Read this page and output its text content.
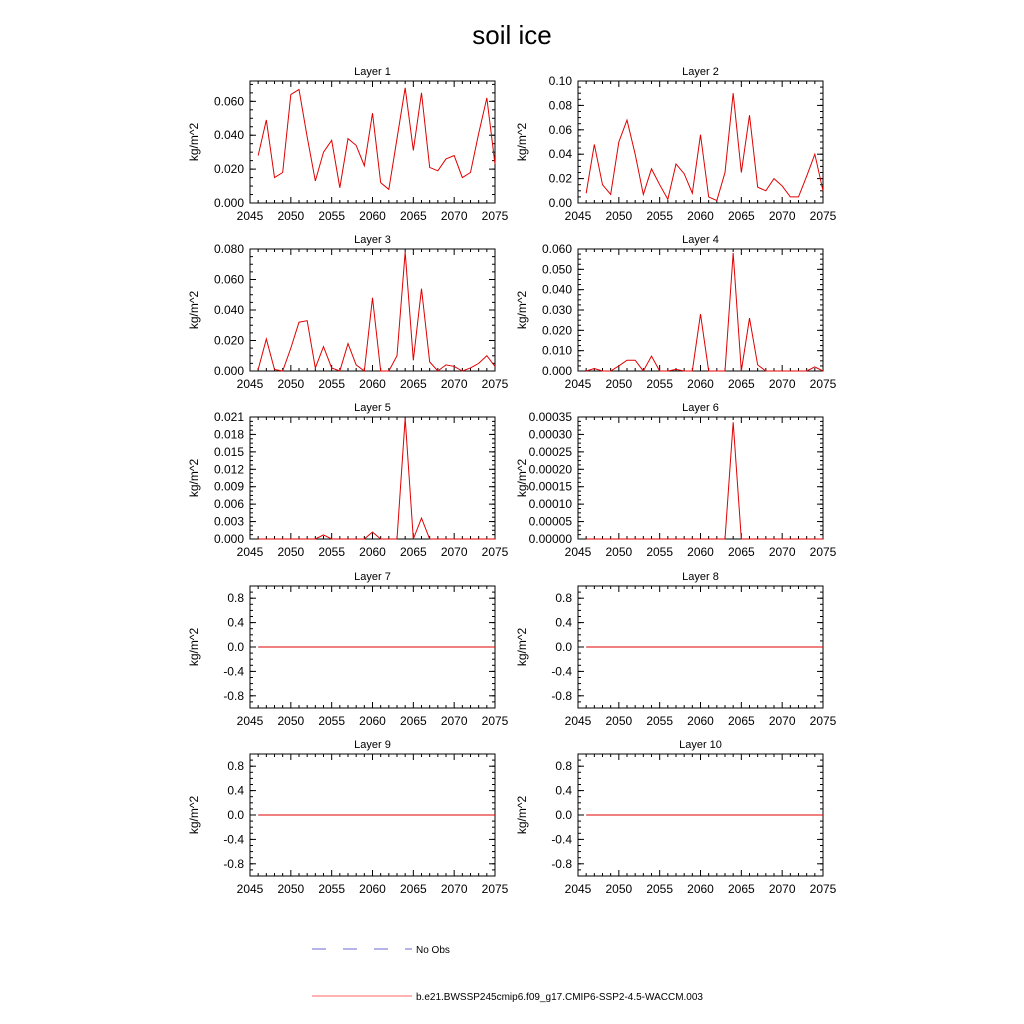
soil ice
Layer 1
2045 2050 2055 2060 2065 2070 2075
0.000
0.020
0.040
0.060
kg/m^2
Layer 2
2045 2050 2055 2060 2065 2070 2075
0.00
0.02
0.04
0.06
0.08
0.10
kg/m^2
Layer 3
2045 2050 2055 2060 2065 2070 2075
0.000
0.020
0.040
0.060
0.080
kg/m^2
Layer 4
2045 2050 2055 2060 2065 2070 2075
0.000
0.010
0.020
0.030
0.040
0.050
0.060
kg/m^2
Layer 5
2045 2050 2055 2060 2065 2070 2075
0.000
0.003
0.006
0.009
0.012
0.015
0.018
0.021
kg/m^2
Layer 6
2045 2050 2055 2060 2065 2070 2075
0.00000
0.00005
0.00010
0.00015
0.00020
0.00025
0.00030
0.00035
kg/m^2
Layer 7
2045 2050 2055 2060 2065 2070 2075
-0.8
-0.4
0.0
0.4
0.8
kg/m^2
Layer 8
2045 2050 2055 2060 2065 2070 2075
-0.8
-0.4
0.0
0.4
0.8
kg/m^2
Layer 9
2045 2050 2055 2060 2065 2070 2075
-0.8
-0.4
0.0
0.4
0.8
kg/m^2
Layer 10
2045 2050 2055 2060 2065 2070 2075
-0.8
-0.4
0.0
0.4
0.8
kg/m^2
No Obs
b.e21.BWSSP245cmip6.f09_g17.CMIP6-SSP2-4.5-WACCM.003
